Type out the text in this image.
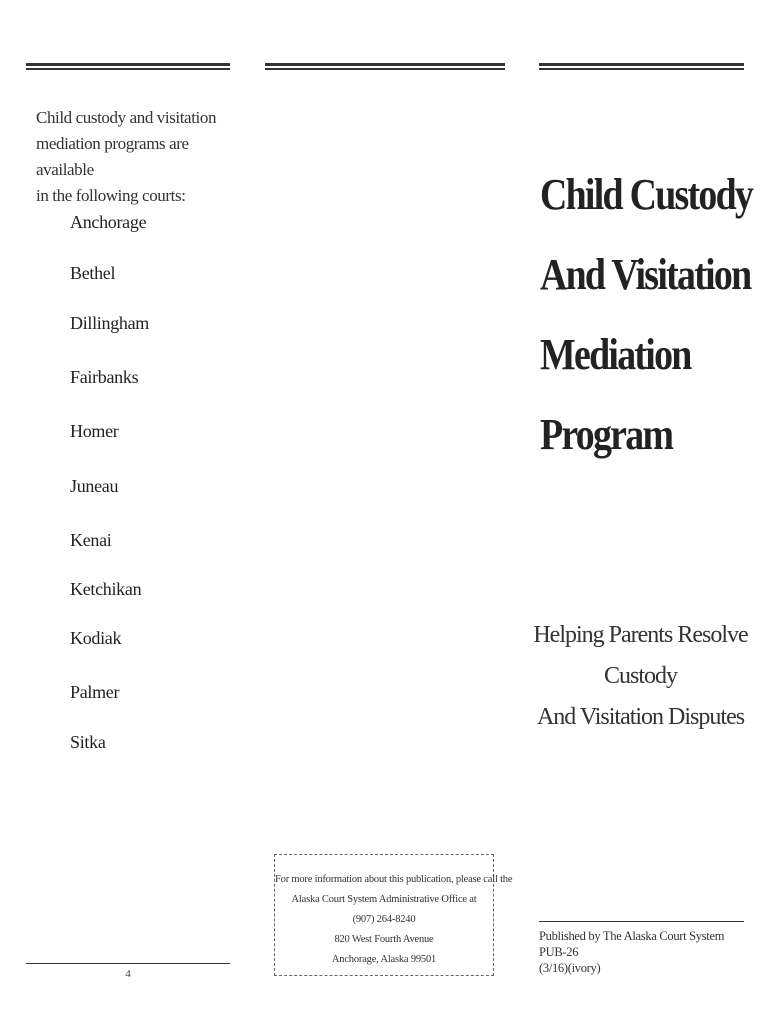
Child custody and visitation
mediation programs are available
in the following courts:
Anchorage
Bethel
Dillingham
Fairbanks
Homer
Juneau
Kenai
Ketchikan
Kodiak
Palmer
Sitka
4
For more information about this publication, please call the
Alaska Court System Administrative Office at
(907) 264-8240
820 West Fourth Avenue
Anchorage, Alaska 99501
Child Custody
And Visitation
Mediation
Program
Helping Parents Resolve
Custody
And Visitation Disputes
Published by The Alaska Court System
PUB-26
(3/16)(ivory)
